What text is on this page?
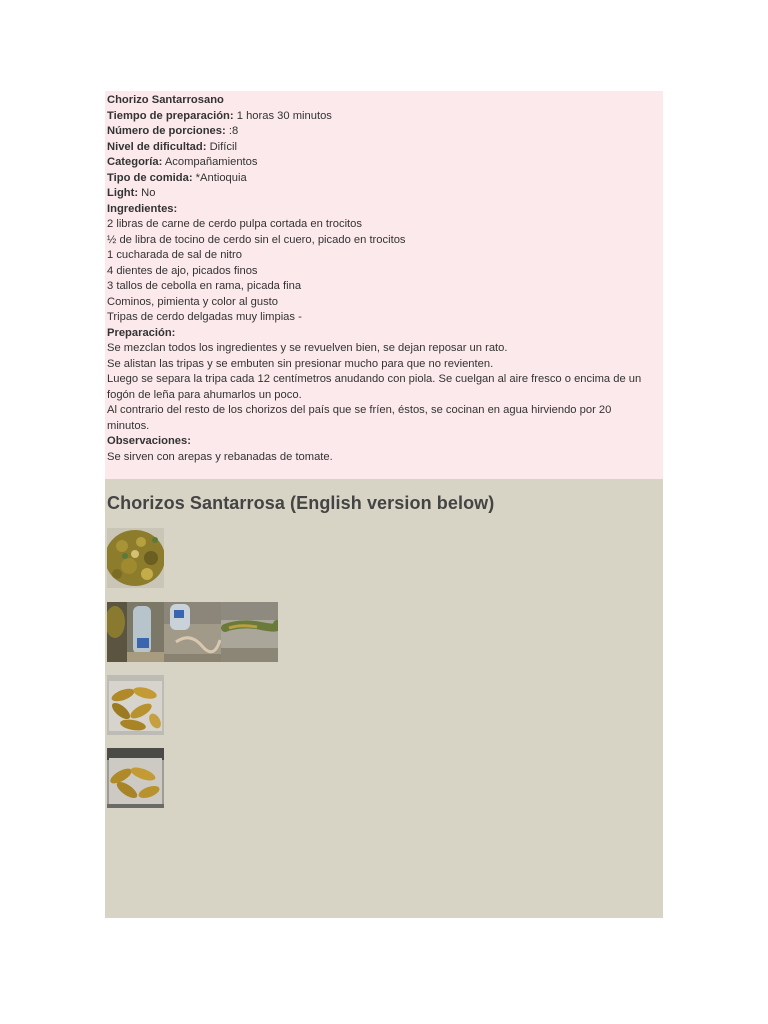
Chorizo Santarrosano
Tiempo de preparación: 1 horas 30 minutos
Número de porciones: :8
Nivel de dificultad: Difícil
Categoría: Acompañamientos
Tipo de comida: *Antioquia
Light: No
Ingredientes:
2 libras de carne de cerdo pulpa cortada en trocitos
½ de libra de tocino de cerdo sin el cuero, picado en trocitos
1 cucharada de sal de nitro
4 dientes de ajo, picados finos
3 tallos de cebolla en rama, picada fina
Cominos, pimienta y color al gusto
Tripas de cerdo delgadas muy limpias -
Preparación:
Se mezclan todos los ingredientes y se revuelven bien, se dejan reposar un rato.
Se alistan las tripas y se embuten sin presionar mucho para que no revienten.
Luego se separa la tripa cada 12 centímetros anudando con piola. Se cuelgan al aire fresco o encima de un fogón de leña para ahumarlos un poco.
Al contrario del resto de los chorizos del país que se fríen, éstos, se cocinan en agua hirviendo por 20 minutos.
Observaciones:
Se sirven con arepas y rebanadas de tomate.
Chorizos Santarrosa (English version below)
